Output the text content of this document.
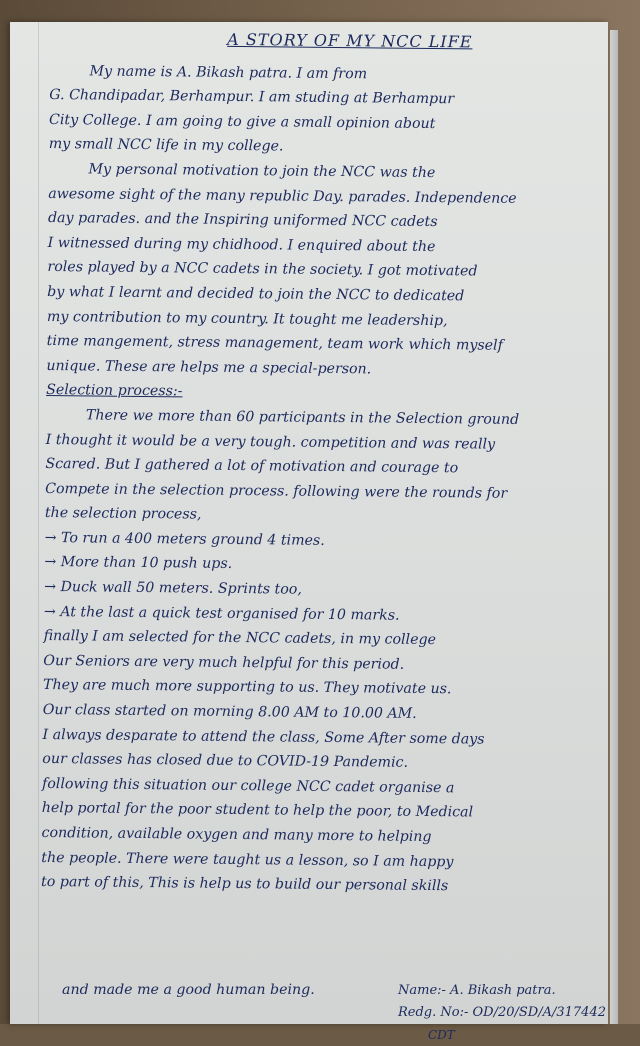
A STORY OF MY NCC LIFE
My name is A. Bikash patra. I am from
G. Chandipadar, Berhampur. I am studing at Berhampur
City College. I am going to give a small opinion about
my small NCC life in my college.
My personal motivation to join the NCC was the
awesome sight of the many republic Day. parades. Independence
day parades. and the Inspiring uniformed NCC cadets
I witnessed during my chidhood. I enquired about the
roles played by a NCC cadets in the society. I got motivated
by what I learnt and decided to join the NCC to dedicated
my contribution to my country. It tought me leadership,
time mangement, stress management, team work which myself
unique. These are helps me a special-person.
Selection process:-
There we more than 60 participants in the Selection ground
I thought it would be a very tough. competition and was really
Scared. But I gathered a lot of motivation and courage to
Compete in the selection process. following were the rounds for
the selection process,
→ To run a 400 meters ground 4 times.
→ More than 10 push ups.
→ Duck wall 50 meters. Sprints too,
→ At the last a quick test organised for 10 marks.
finally I am selected for the NCC cadets, in my college
Our Seniors are very much helpful for this period.
They are much more supporting to us. They motivate us.
Our class started on morning 8.00 AM to 10.00 AM.
I always desparate to attend the class, Some After some days
our classes has closed due to COVID-19 Pandemic.
following this situation our college NCC cadet organise a
help portal for the poor student to help the poor, to Medical
condition, available oxygen and many more to helping
the people. There were taught us a lesson, so I am happy
to part of this, This is help us to build our personal skills
and made me a good human being.	Name:- A. Bikash patra.
Redg. No:- OD/20/SD/A/317442
CDT
